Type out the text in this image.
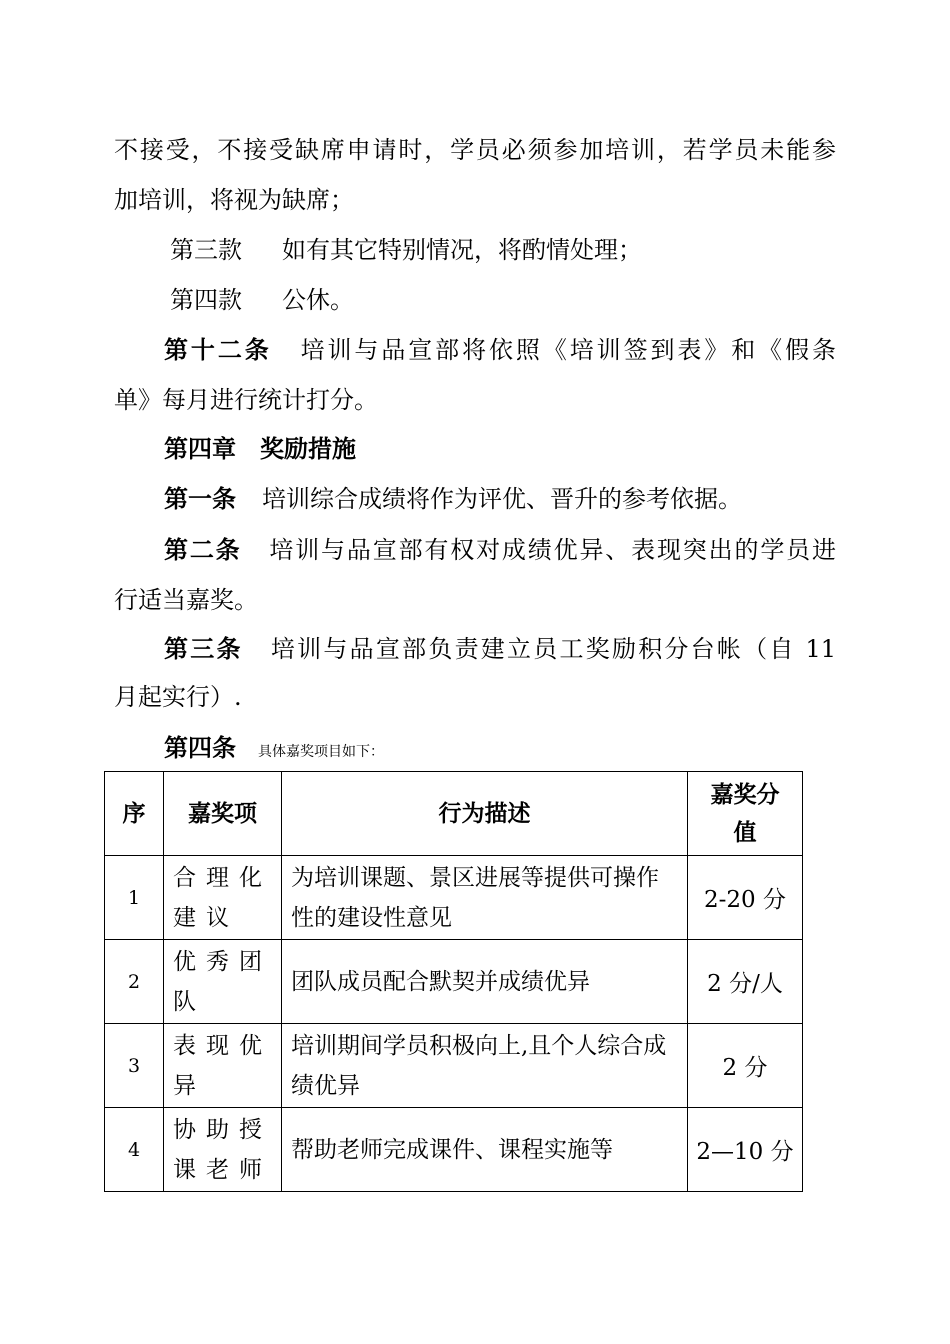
不接受，不接受缺席申请时，学员必须参加培训，若学员未能参
加培训，将视为缺席；
第三款 如有其它特别情况，将酌情处理；
第四款 公休。
第十二条 培训与品宣部将依照《培训签到表》和《假条
单》每月进行统计打分。
第四章　奖励措施
第一条 培训综合成绩将作为评优、晋升的参考依据。
第二条 培训与品宣部有权对成绩优异、表现突出的学员进
行适当嘉奖。
第三条 培训与品宣部负责建立员工奖励积分台帐（自 11
月起实行）.
第四条 具体嘉奖项目如下：
序	嘉奖项	行为描述	嘉奖分值
1	合理化建议	为培训课题、景区进展等提供可操作性的建设性意见	2-20 分
2	优秀团队	团队成员配合默契并成绩优异	2 分/人
3	表现优异	培训期间学员积极向上,且个人综合成绩优异	2 分
4	协助授课老师	帮助老师完成课件、课程实施等	2—10 分
